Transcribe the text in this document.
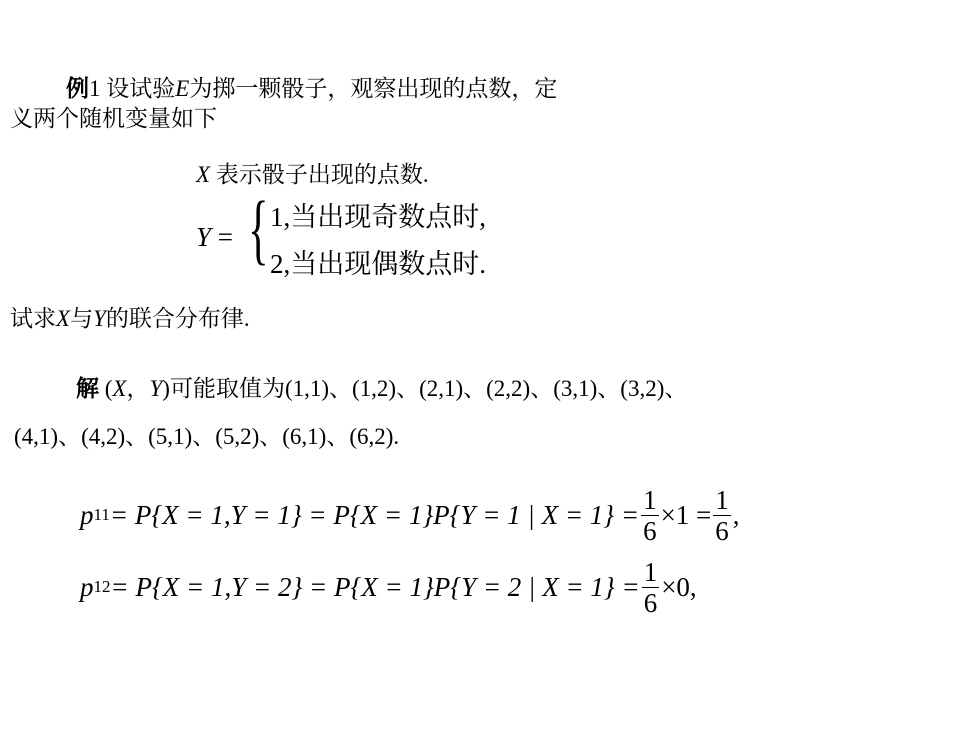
例1 设试验E为掷一颗骰子，观察出现的点数，定
义两个随机变量如下
X 表示骰子出现的点数.
Y = { 1,当出现奇数点时,
2,当出现偶数点时.
试求X与Y的联合分布律.
解 (X，Y)可能取值为(1,1)、(1,2)、(2,1)、(2,2)、(3,1)、(3,2)、
(4,1)、(4,2)、(5,1)、(5,2)、(6,1)、(6,2).
p 11 = P{X = 1,Y = 1} = P{X = 1}P{Y = 1 | $X = 1\} = \frac{1}{6} \times 1 = \frac{1}{6}$ ,
p 12 = P{X = 1,Y = 2} = P{X = 1}P{Y = 2 | $X = 1\} = \frac{1}{6} \times 0$,
